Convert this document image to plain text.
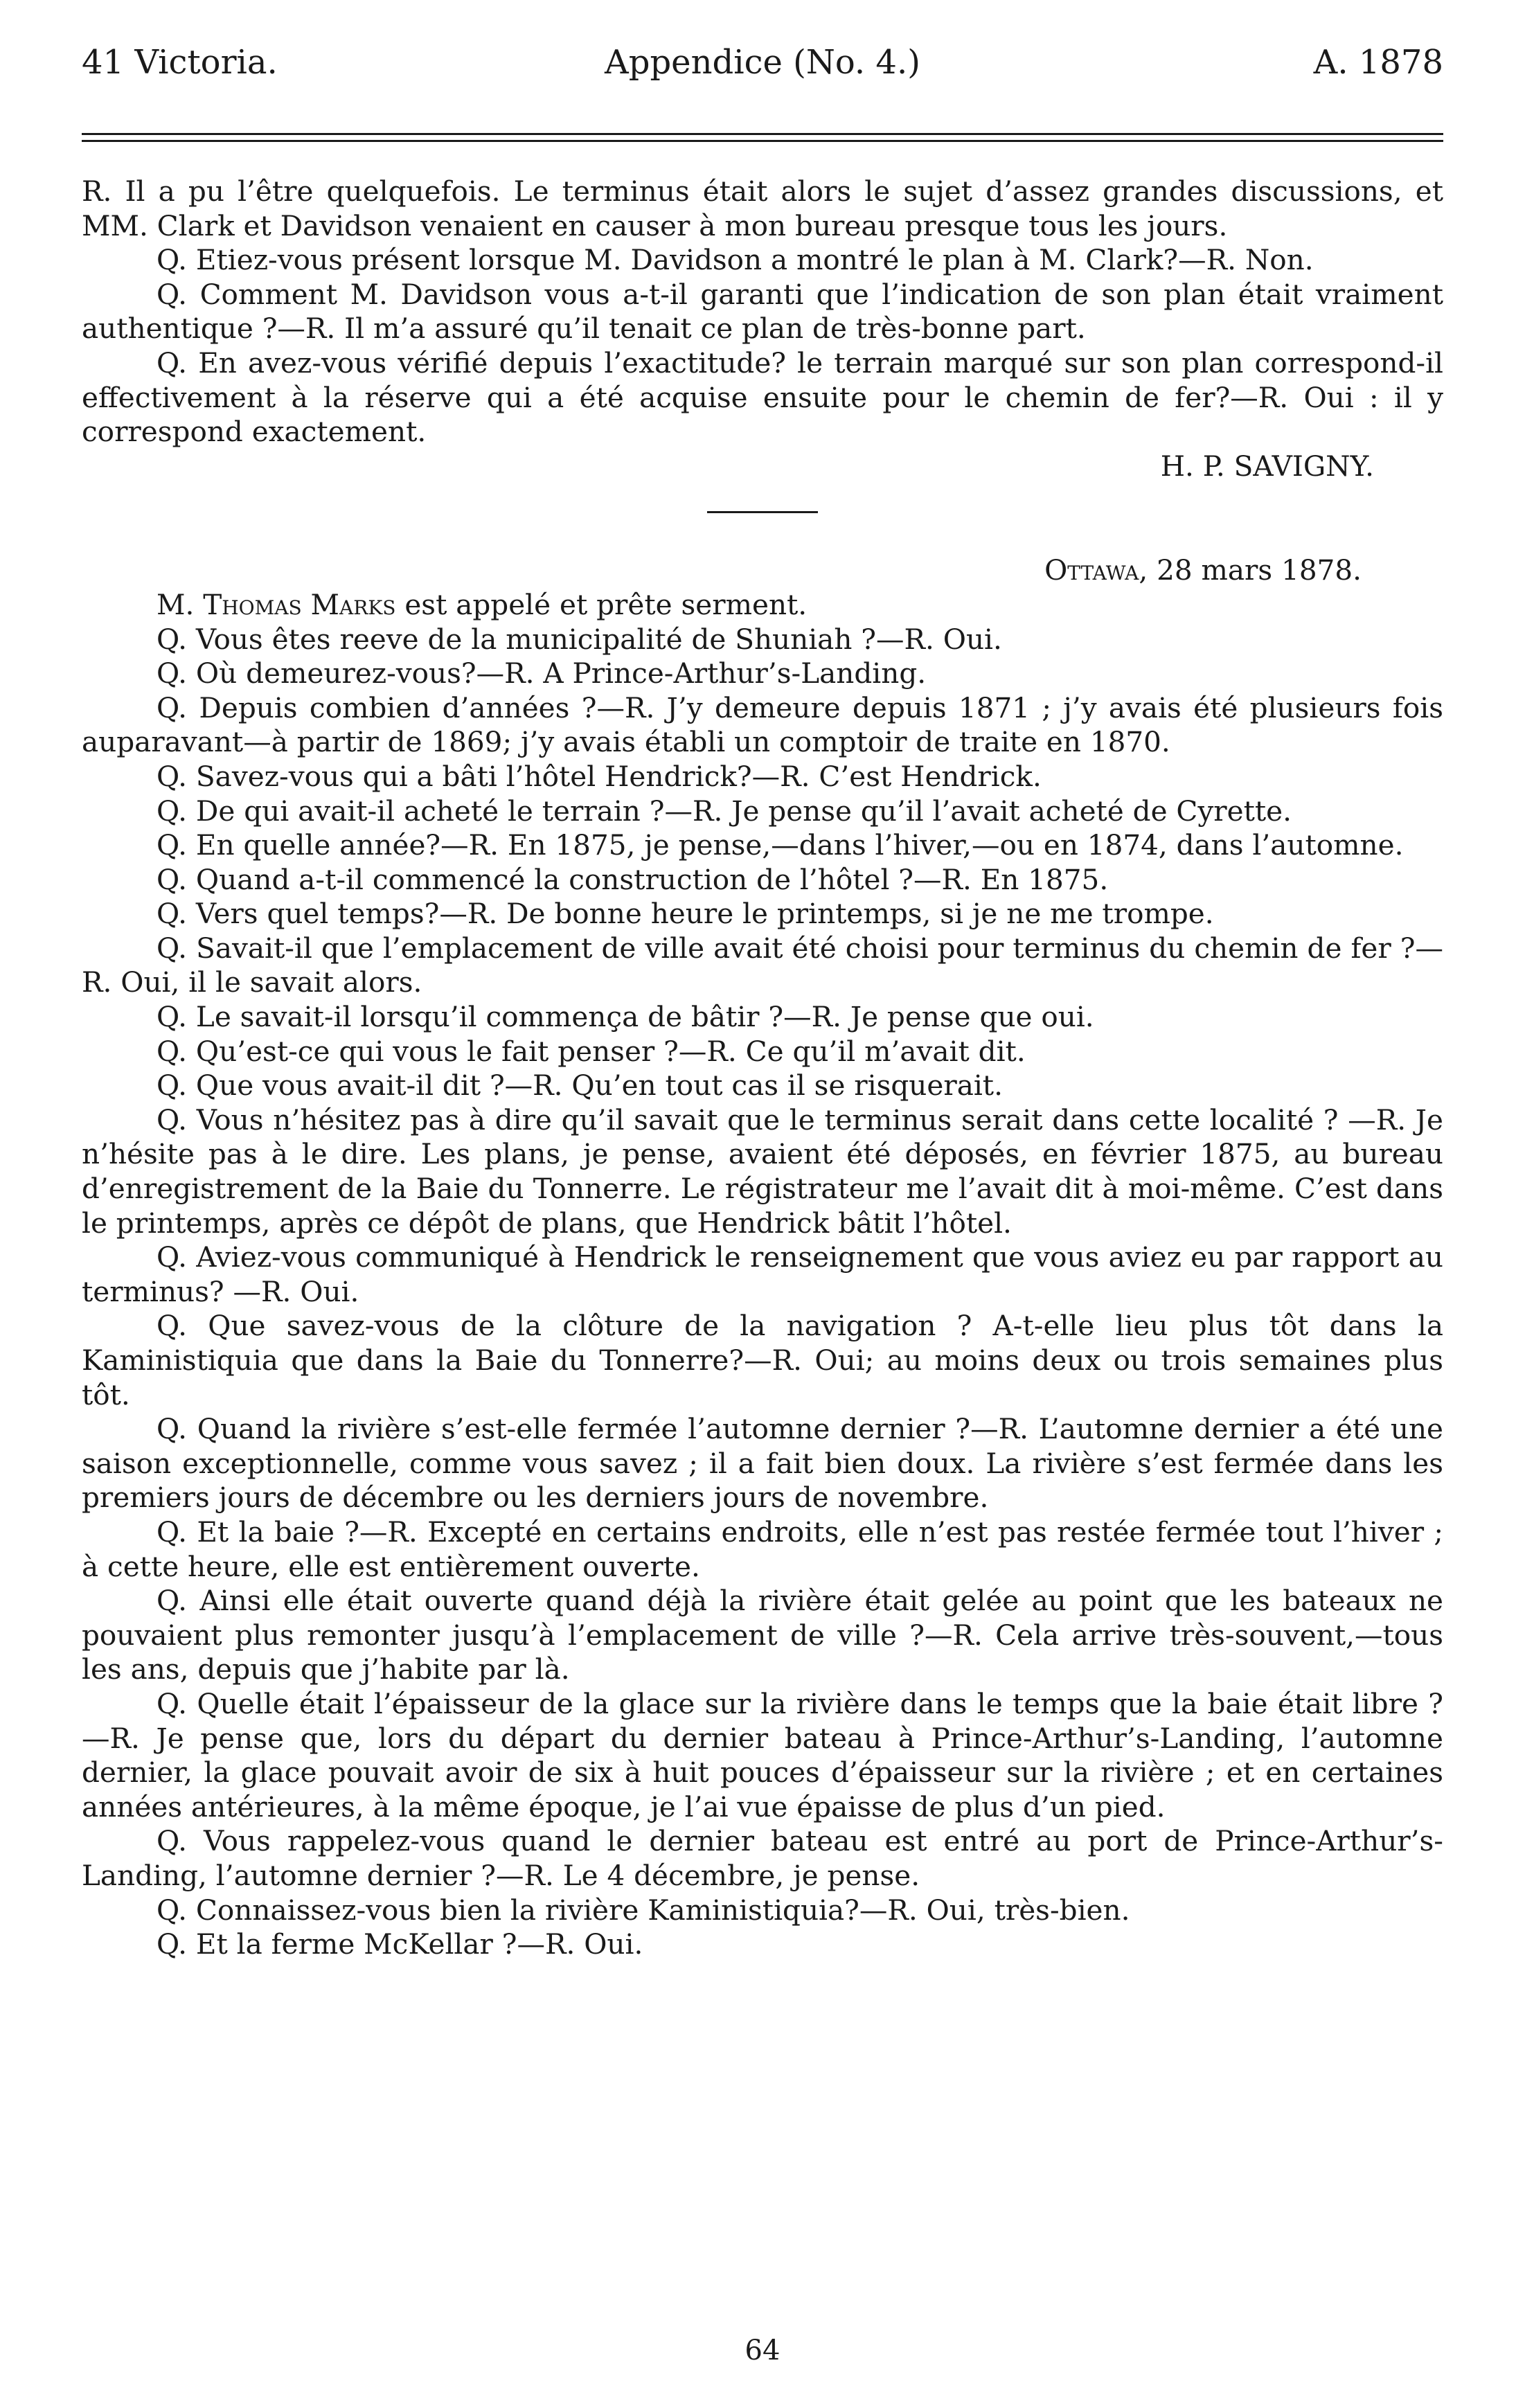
41 Victoria.	Appendice (No. 4.)	A. 1878

R. Il a pu l’être quelquefois. Le terminus était alors le sujet d’assez grandes discussions, et MM. Clark et Davidson venaient en causer à mon bureau presque tous les jours.

Q. Etiez-vous présent lorsque M. Davidson a montré le plan à M. Clark?—R. Non.

Q. Comment M. Davidson vous a-t-il garanti que l’indication de son plan était vraiment authentique ?—R. Il m’a assuré qu’il tenait ce plan de très-bonne part.

Q. En avez-vous vérifié depuis l’exactitude? le terrain marqué sur son plan correspond-il effectivement à la réserve qui a été acquise ensuite pour le chemin de fer?—R. Oui : il y correspond exactement.

H. P. SAVIGNY.

Ottawa, 28 mars 1878.

M. Thomas Marks est appelé et prête serment.

Q. Vous êtes reeve de la municipalité de Shuniah ?—R. Oui.

Q. Où demeurez-vous?—R. A Prince-Arthur’s-Landing.

Q. Depuis combien d’années ?—R. J’y demeure depuis 1871 ; j’y avais été plusieurs fois auparavant—à partir de 1869; j’y avais établi un comptoir de traite en 1870.

Q. Savez-vous qui a bâti l’hôtel Hendrick?—R. C’est Hendrick.

Q. De qui avait-il acheté le terrain ?—R. Je pense qu’il l’avait acheté de Cyrette.

Q. En quelle année?—R. En 1875, je pense,—dans l’hiver,—ou en 1874, dans l’automne.

Q. Quand a-t-il commencé la construction de l’hôtel ?—R. En 1875.

Q. Vers quel temps?—R. De bonne heure le printemps, si je ne me trompe.

Q. Savait-il que l’emplacement de ville avait été choisi pour terminus du chemin de fer ?—R. Oui, il le savait alors.

Q. Le savait-il lorsqu’il commença de bâtir ?—R. Je pense que oui.

Q. Qu’est-ce qui vous le fait penser ?—R. Ce qu’il m’avait dit.

Q. Que vous avait-il dit ?—R. Qu’en tout cas il se risquerait.

Q. Vous n’hésitez pas à dire qu’il savait que le terminus serait dans cette localité ? —R. Je n’hésite pas à le dire. Les plans, je pense, avaient été déposés, en février 1875, au bureau d’enregistrement de la Baie du Tonnerre. Le régistrateur me l’avait dit à moi-même. C’est dans le printemps, après ce dépôt de plans, que Hendrick bâtit l’hôtel.

Q. Aviez-vous communiqué à Hendrick le renseignement que vous aviez eu par rapport au terminus? —R. Oui.

Q. Que savez-vous de la clôture de la navigation ? A-t-elle lieu plus tôt dans la Kaministiquia que dans la Baie du Tonnerre?—R. Oui; au moins deux ou trois semaines plus tôt.

Q. Quand la rivière s’est-elle fermée l’automne dernier ?—R. L’automne dernier a été une saison exceptionnelle, comme vous savez ; il a fait bien doux. La rivière s’est fermée dans les premiers jours de décembre ou les derniers jours de novembre.

Q. Et la baie ?—R. Excepté en certains endroits, elle n’est pas restée fermée tout l’hiver ; à cette heure, elle est entièrement ouverte.

Q. Ainsi elle était ouverte quand déjà la rivière était gelée au point que les bateaux ne pouvaient plus remonter jusqu’à l’emplacement de ville ?—R. Cela arrive très-souvent,—tous les ans, depuis que j’habite par là.

Q. Quelle était l’épaisseur de la glace sur la rivière dans le temps que la baie était libre ?—R. Je pense que, lors du départ du dernier bateau à Prince-Arthur’s-Landing, l’automne dernier, la glace pouvait avoir de six à huit pouces d’épaisseur sur la rivière ; et en certaines années antérieures, à la même époque, je l’ai vue épaisse de plus d’un pied.

Q. Vous rappelez-vous quand le dernier bateau est entré au port de Prince-Arthur’s-Landing, l’automne dernier ?—R. Le 4 décembre, je pense.

Q. Connaissez-vous bien la rivière Kaministiquia?—R. Oui, très-bien.

Q. Et la ferme McKellar ?—R. Oui.

64
